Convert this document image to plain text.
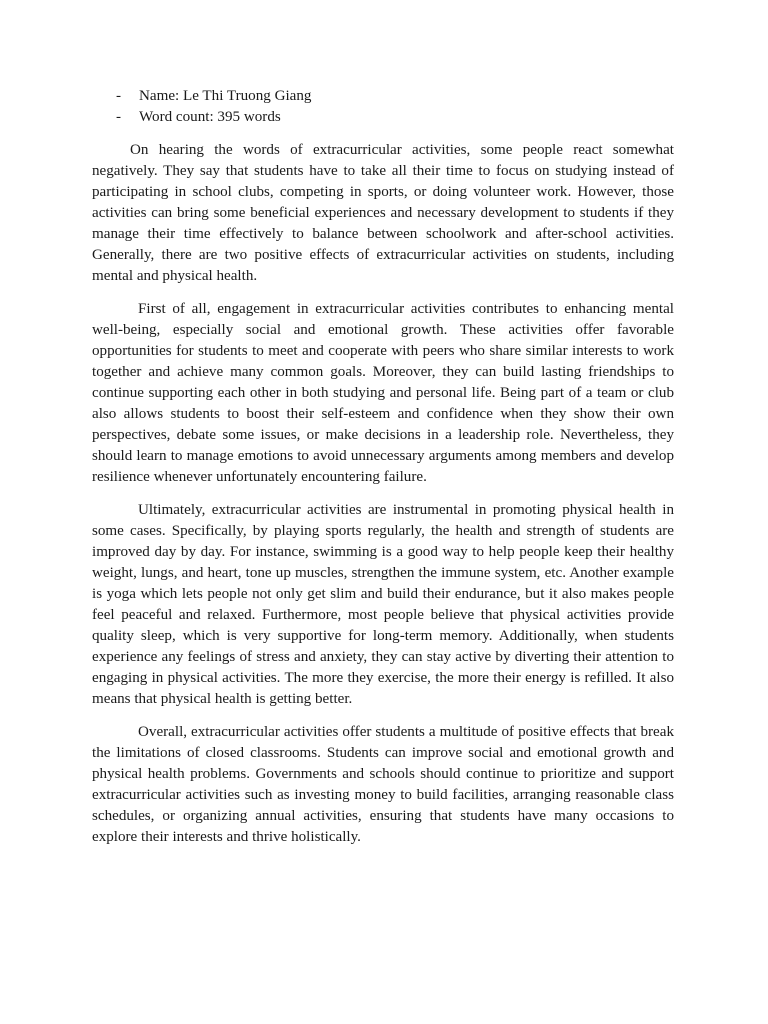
- Name: Le Thi Truong Giang
- Word count: 395 words

On hearing the words of extracurricular activities, some people react somewhat negatively. They say that students have to take all their time to focus on studying instead of participating in school clubs, competing in sports, or doing volunteer work. However, those activities can bring some beneficial experiences and necessary development to students if they manage their time effectively to balance between schoolwork and after-school activities. Generally, there are two positive effects of extracurricular activities on students, including mental and physical health.

First of all, engagement in extracurricular activities contributes to enhancing mental well-being, especially social and emotional growth. These activities offer favorable opportunities for students to meet and cooperate with peers who share similar interests to work together and achieve many common goals. Moreover, they can build lasting friendships to continue supporting each other in both studying and personal life. Being part of a team or club also allows students to boost their self-esteem and confidence when they show their own perspectives, debate some issues, or make decisions in a leadership role. Nevertheless, they should learn to manage emotions to avoid unnecessary arguments among members and develop resilience whenever unfortunately encountering failure.

Ultimately, extracurricular activities are instrumental in promoting physical health in some cases. Specifically, by playing sports regularly, the health and strength of students are improved day by day. For instance, swimming is a good way to help people keep their healthy weight, lungs, and heart, tone up muscles, strengthen the immune system, etc. Another example is yoga which lets people not only get slim and build their endurance, but it also makes people feel peaceful and relaxed. Furthermore, most people believe that physical activities provide quality sleep, which is very supportive for long-term memory. Additionally, when students experience any feelings of stress and anxiety, they can stay active by diverting their attention to engaging in physical activities. The more they exercise, the more their energy is refilled. It also means that physical health is getting better.

Overall, extracurricular activities offer students a multitude of positive effects that break the limitations of closed classrooms. Students can improve social and emotional growth and physical health problems. Governments and schools should continue to prioritize and support extracurricular activities such as investing money to build facilities, arranging reasonable class schedules, or organizing annual activities, ensuring that students have many occasions to explore their interests and thrive holistically.
